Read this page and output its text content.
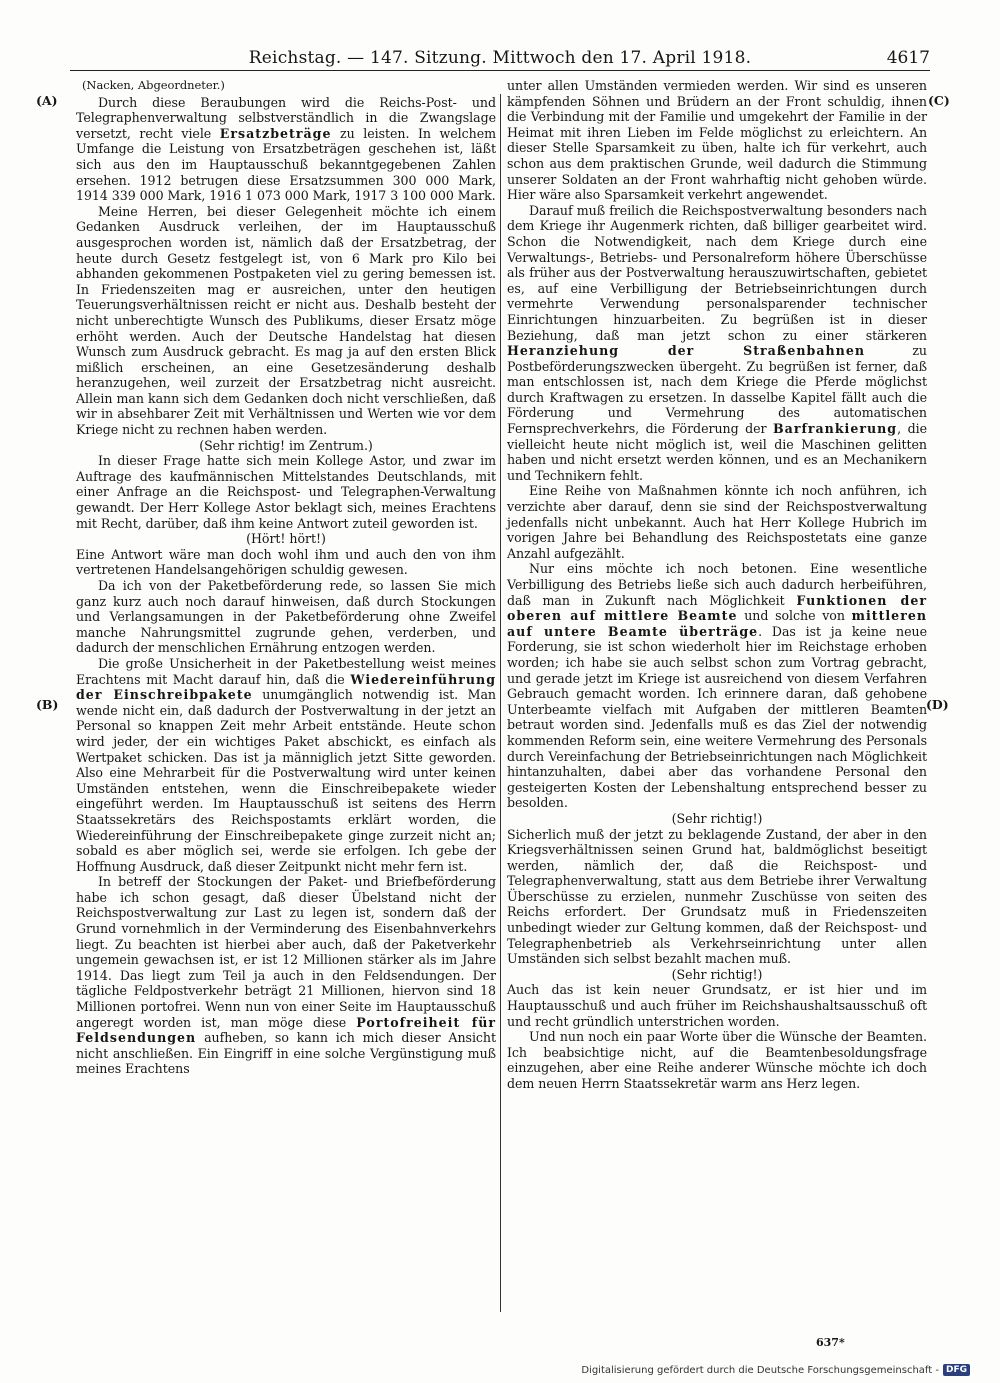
Reichstag. — 147. Sitzung. Mittwoch den 17. April 1918.	4617
(A)
(B)
(C)
(D)
(Nacken, Abgeordneter.)

Durch diese Beraubungen wird die Reichs-Post- und Telegraphenverwaltung selbstverständlich in die Zwangslage versetzt, recht viele Ersatzbeträge zu leisten. In welchem Umfange die Leistung von Ersatzbeträgen geschehen ist, läßt sich aus den im Hauptausschuß bekanntgegebenen Zahlen ersehen. 1912 betrugen diese Ersatzsummen 300 000 Mark, 1914 339 000 Mark, 1916 1 073 000 Mark, 1917 3 100 000 Mark.

Meine Herren, bei dieser Gelegenheit möchte ich einem Gedanken Ausdruck verleihen, der im Hauptausschuß ausgesprochen worden ist, nämlich daß der Ersatzbetrag, der heute durch Gesetz festgelegt ist, von 6 Mark pro Kilo bei abhanden gekommenen Postpaketen viel zu gering bemessen ist. In Friedenszeiten mag er ausreichen, unter den heutigen Teuerungsverhältnissen reicht er nicht aus. Deshalb besteht der nicht unberechtigte Wunsch des Publikums, dieser Ersatz möge erhöht werden. Auch der Deutsche Handelstag hat diesen Wunsch zum Ausdruck gebracht. Es mag ja auf den ersten Blick mißlich erscheinen, an eine Gesetzesänderung deshalb heranzugehen, weil zurzeit der Ersatzbetrag nicht ausreicht. Allein man kann sich dem Gedanken doch nicht verschließen, daß wir in absehbarer Zeit mit Verhältnissen und Werten wie vor dem Kriege nicht zu rechnen haben werden.

(Sehr richtig! im Zentrum.)

In dieser Frage hatte sich mein Kollege Astor, und zwar im Auftrage des kaufmännischen Mittelstandes Deutschlands, mit einer Anfrage an die Reichspost- und Telegraphen-Verwaltung gewandt. Der Herr Kollege Astor beklagt sich, meines Erachtens mit Recht, darüber, daß ihm keine Antwort zuteil geworden ist.

(Hört! hört!)

Eine Antwort wäre man doch wohl ihm und auch den von ihm vertretenen Handelsangehörigen schuldig gewesen.

Da ich von der Paketbeförderung rede, so lassen Sie mich ganz kurz auch noch darauf hinweisen, daß durch Stockungen und Verlangsamungen in der Paketbeförderung ohne Zweifel manche Nahrungsmittel zugrunde gehen, verderben, und dadurch der menschlichen Ernährung entzogen werden.

Die große Unsicherheit in der Paketbestellung weist meines Erachtens mit Macht darauf hin, daß die Wiedereinführung der Einschreibpakete unumgänglich notwendig ist. Man wende nicht ein, daß dadurch der Postverwaltung in der jetzt an Personal so knappen Zeit mehr Arbeit entstände. Heute schon wird jeder, der ein wichtiges Paket abschickt, es einfach als Wertpaket schicken. Das ist ja männiglich jetzt Sitte geworden. Also eine Mehrarbeit für die Postverwaltung wird unter keinen Umständen entstehen, wenn die Einschreibepakete wieder eingeführt werden. Im Hauptausschuß ist seitens des Herrn Staatssekretärs des Reichspostamts erklärt worden, die Wiedereinführung der Einschreibepakete ginge zurzeit nicht an; sobald es aber möglich sei, werde sie erfolgen. Ich gebe der Hoffnung Ausdruck, daß dieser Zeitpunkt nicht mehr fern ist.

In betreff der Stockungen der Paket- und Briefbeförderung habe ich schon gesagt, daß dieser Übelstand nicht der Reichspostverwaltung zur Last zu legen ist, sondern daß der Grund vornehmlich in der Verminderung des Eisenbahnverkehrs liegt. Zu beachten ist hierbei aber auch, daß der Paketverkehr ungemein gewachsen ist, er ist 12 Millionen stärker als im Jahre 1914. Das liegt zum Teil ja auch in den Feldsendungen. Der tägliche Feldpostverkehr beträgt 21 Millionen, hiervon sind 18 Millionen portofrei. Wenn nun von einer Seite im Hauptausschuß angeregt worden ist, man möge diese Portofreiheit für Feldsendungen aufheben, so kann ich mich dieser Ansicht nicht anschließen. Ein Eingriff in eine solche Vergünstigung muß meines Erachtens

unter allen Umständen vermieden werden. Wir sind es unseren kämpfenden Söhnen und Brüdern an der Front schuldig, ihnen die Verbindung mit der Familie und umgekehrt der Familie in der Heimat mit ihren Lieben im Felde möglichst zu erleichtern. An dieser Stelle Sparsamkeit zu üben, halte ich für verkehrt, auch schon aus dem praktischen Grunde, weil dadurch die Stimmung unserer Soldaten an der Front wahrhaftig nicht gehoben würde. Hier wäre also Sparsamkeit verkehrt angewendet.

Darauf muß freilich die Reichspostverwaltung besonders nach dem Kriege ihr Augenmerk richten, daß billiger gearbeitet wird. Schon die Notwendigkeit, nach dem Kriege durch eine Verwaltungs-, Betriebs- und Personalreform höhere Überschüsse als früher aus der Postverwaltung herauszuwirtschaften, gebietet es, auf eine Verbilligung der Betriebseinrichtungen durch vermehrte Verwendung personalsparender technischer Einrichtungen hinzuarbeiten. Zu begrüßen ist in dieser Beziehung, daß man jetzt schon zu einer stärkeren Heranziehung der Straßenbahnen zu Postbeförderungszwecken übergeht. Zu begrüßen ist ferner, daß man entschlossen ist, nach dem Kriege die Pferde möglichst durch Kraftwagen zu ersetzen. In dasselbe Kapitel fällt auch die Förderung und Vermehrung des automatischen Fernsprechverkehrs, die Förderung der Barfrankierung, die vielleicht heute nicht möglich ist, weil die Maschinen gelitten haben und nicht ersetzt werden können, und es an Mechanikern und Technikern fehlt.

Eine Reihe von Maßnahmen könnte ich noch anführen, ich verzichte aber darauf, denn sie sind der Reichspostverwaltung jedenfalls nicht unbekannt. Auch hat Herr Kollege Hubrich im vorigen Jahre bei Behandlung des Reichspostetats eine ganze Anzahl aufgezählt.

Nur eins möchte ich noch betonen. Eine wesentliche Verbilligung des Betriebs ließe sich auch dadurch herbeiführen, daß man in Zukunft nach Möglichkeit Funktionen der oberen auf mittlere Beamte und solche von mittleren auf untere Beamte überträge. Das ist ja keine neue Forderung, sie ist schon wiederholt hier im Reichstage erhoben worden; ich habe sie auch selbst schon zum Vortrag gebracht, und gerade jetzt im Kriege ist ausreichend von diesem Verfahren Gebrauch gemacht worden. Ich erinnere daran, daß gehobene Unterbeamte vielfach mit Aufgaben der mittleren Beamten betraut worden sind. Jedenfalls muß es das Ziel der notwendig kommenden Reform sein, eine weitere Vermehrung des Personals durch Vereinfachung der Betriebseinrichtungen nach Möglichkeit hintanzuhalten, dabei aber das vorhandene Personal den gesteigerten Kosten der Lebenshaltung entsprechend besser zu besolden.

(Sehr richtig!)

Sicherlich muß der jetzt zu beklagende Zustand, der aber in den Kriegsverhältnissen seinen Grund hat, baldmöglichst beseitigt werden, nämlich der, daß die Reichspost- und Telegraphenverwaltung, statt aus dem Betriebe ihrer Verwaltung Überschüsse zu erzielen, nunmehr Zuschüsse von seiten des Reichs erfordert. Der Grundsatz muß in Friedenszeiten unbedingt wieder zur Geltung kommen, daß der Reichspost- und Telegraphenbetrieb als Verkehrseinrichtung unter allen Umständen sich selbst bezahlt machen muß.

(Sehr richtig!)

Auch das ist kein neuer Grundsatz, er ist hier und im Hauptausschuß und auch früher im Reichshaushaltsausschuß oft und recht gründlich unterstrichen worden.

Und nun noch ein paar Worte über die Wünsche der Beamten. Ich beabsichtige nicht, auf die Beamtenbesoldungsfrage einzugehen, aber eine Reihe anderer Wünsche möchte ich doch dem neuen Herrn Staatssekretär warm ans Herz legen.

637*
Digitalisierung gefördert durch die Deutsche Forschungsgemeinschaft - DFG
